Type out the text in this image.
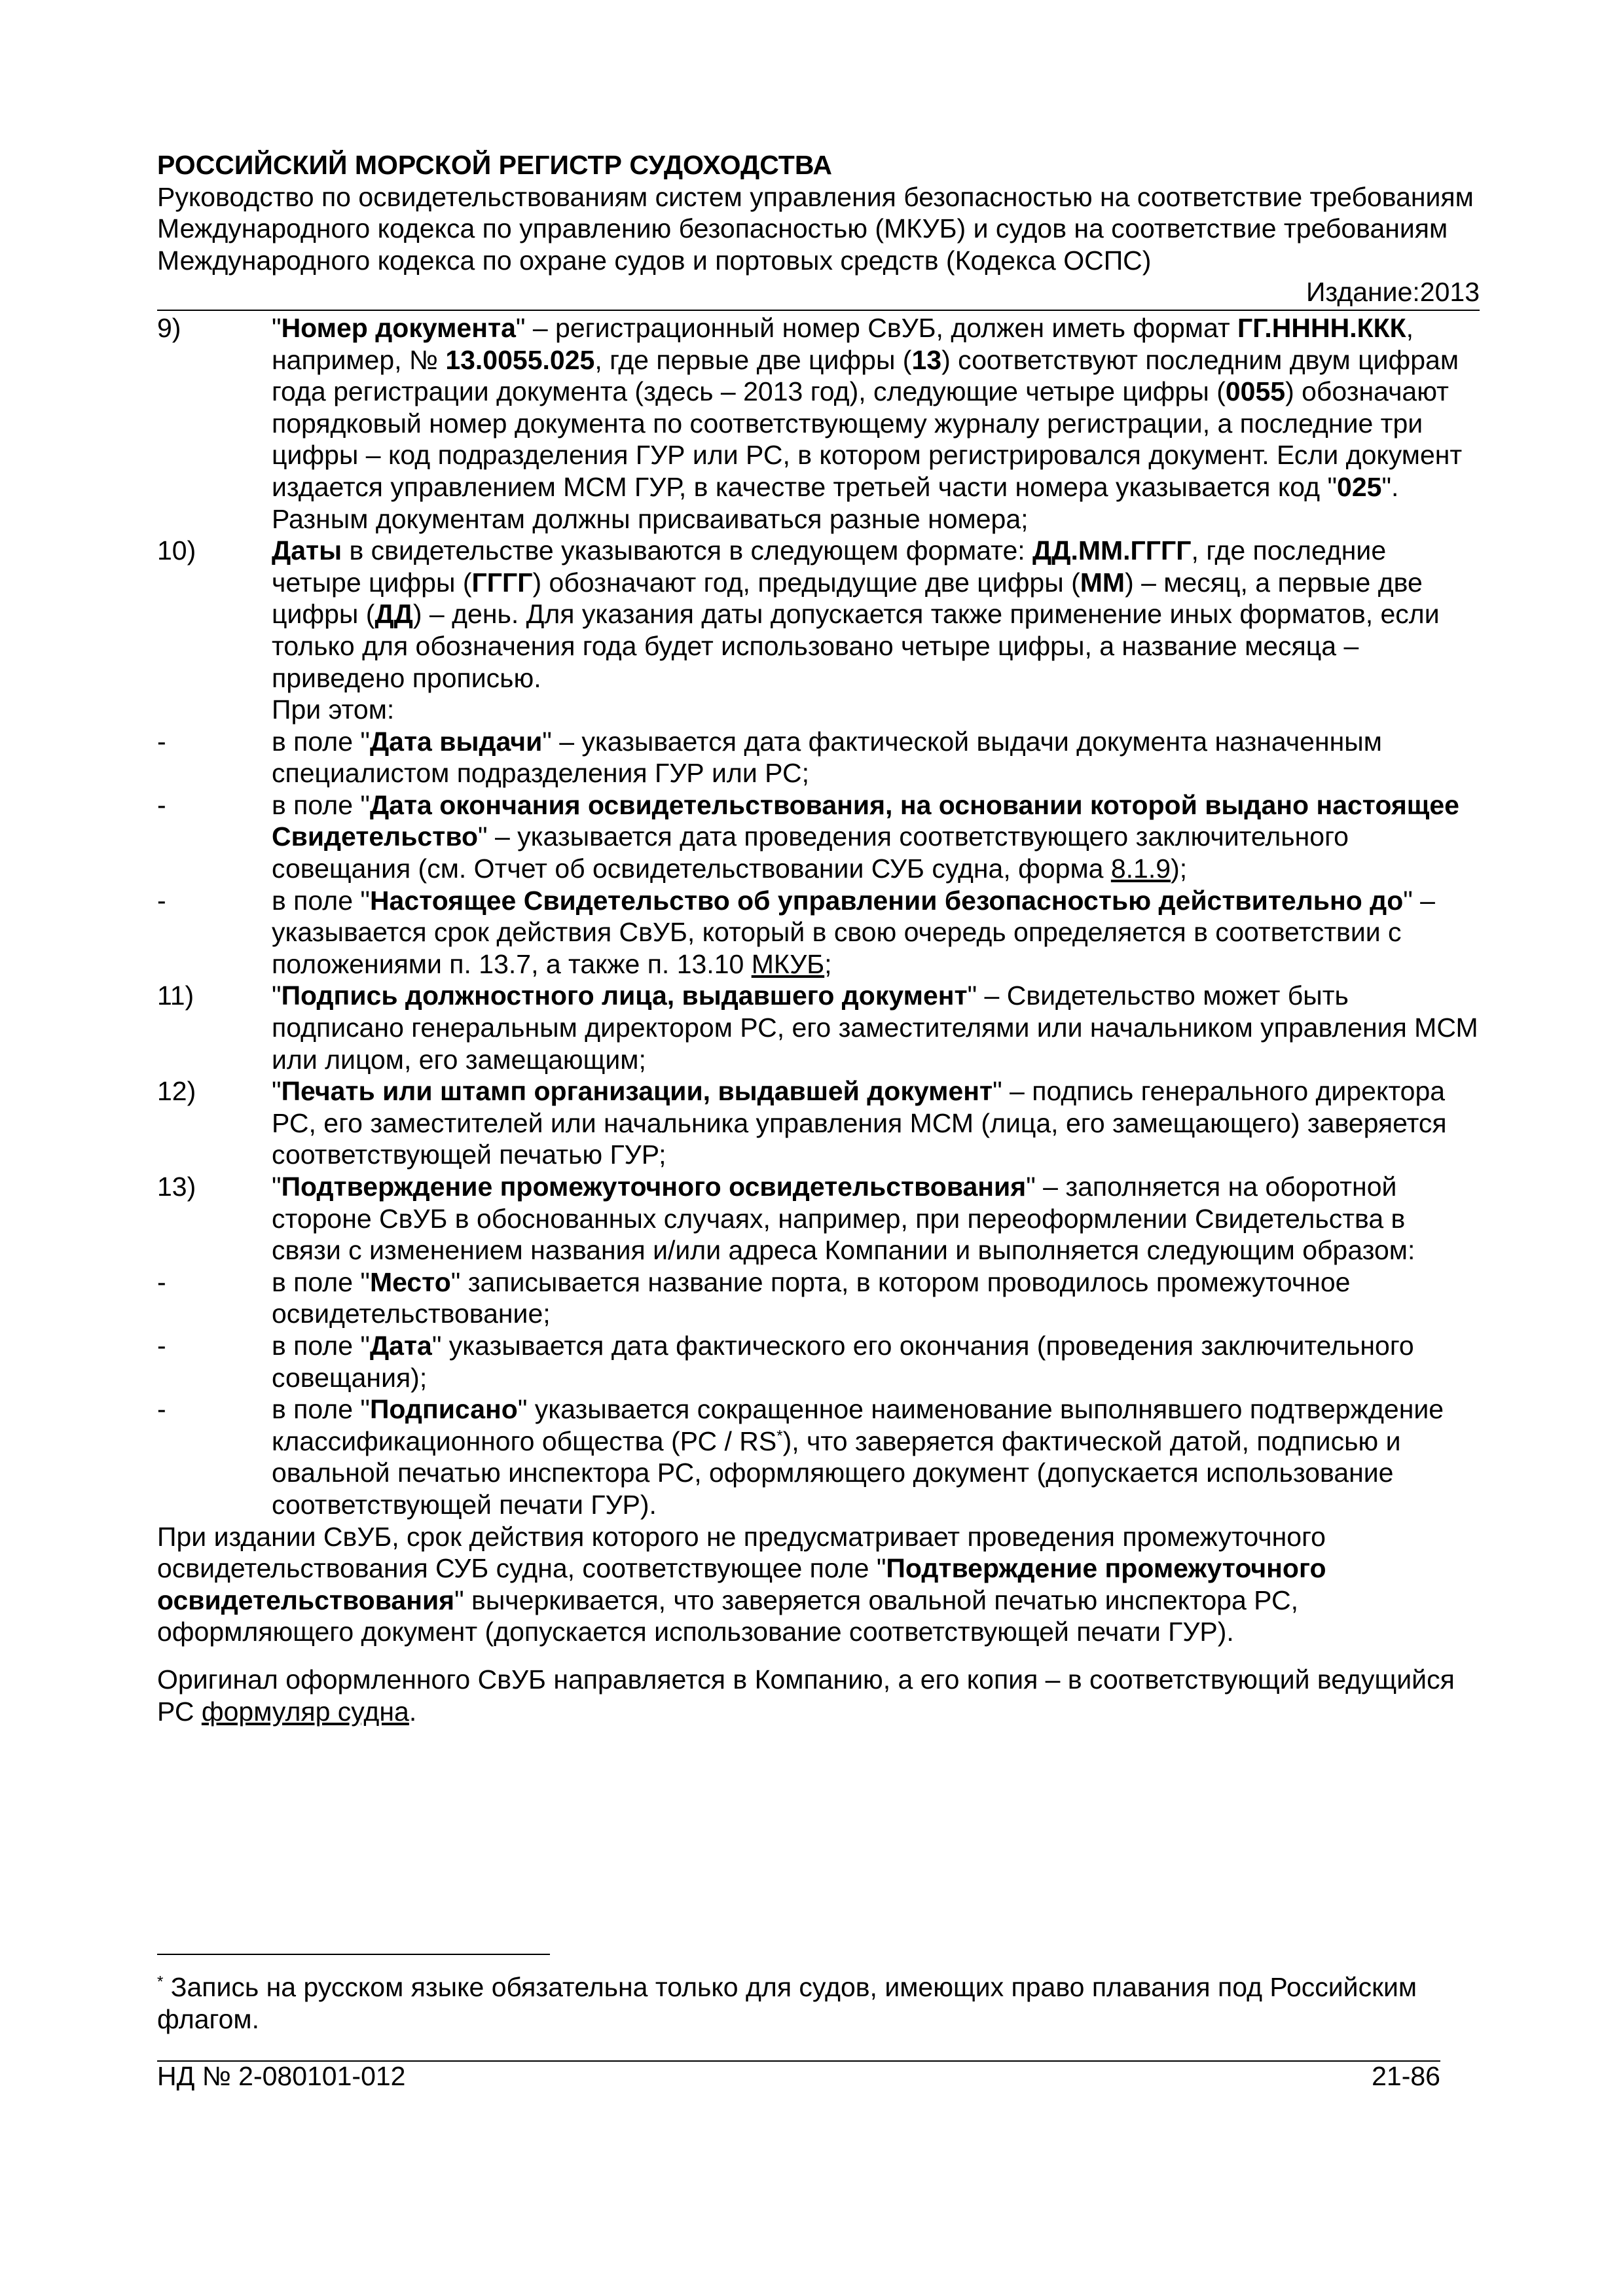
РОССИЙСКИЙ МОРСКОЙ РЕГИСТР СУДОХОДСТВА
Руководство по освидетельствованиям систем управления безопасностью на соответствие требованиям Международного кодекса по управлению безопасностью (МКУБ) и судов на соответствие требованиям Международного кодекса по охране судов и портовых средств (Кодекса ОСПС)
Издание:2013
9)	"Номер документа" – регистрационный номер СвУБ, должен иметь формат ГГ.НННН.ККК, например, № 13.0055.025, где первые две цифры (13) соответствуют последним двум цифрам года регистрации документа (здесь – 2013 год), следующие четыре цифры (0055) обозначают порядковый номер документа по соответствующему журналу регистрации, а последние три цифры – код подразделения ГУР или РС, в котором регистрировался документ. Если документ издается управлением МСМ ГУР, в качестве третьей части номера указывается код "025". Разным документам должны присваиваться разные номера;
10)	Даты в свидетельстве указываются в следующем формате: ДД.ММ.ГГГГ, где последние четыре цифры (ГГГГ) обозначают год, предыдущие две цифры (ММ) – месяц, а первые две цифры (ДД) – день. Для указания даты допускается также применение иных форматов, если только для обозначения года будет использовано четыре цифры, а название месяца – приведено прописью.
При этом:
-	в поле "Дата выдачи" – указывается дата фактической выдачи документа назначенным специалистом подразделения ГУР или РС;
-	в поле "Дата окончания освидетельствования, на основании которой выдано настоящее Свидетельство" – указывается дата проведения соответствующего заключительного совещания (см. Отчет об освидетельствовании СУБ судна, форма 8.1.9);
-	в поле "Настоящее Свидетельство об управлении безопасностью действительно до" – указывается срок действия СвУБ, который в свою очередь определяется в соответствии с положениями п. 13.7, а также п. 13.10 МКУБ;
11)	"Подпись должностного лица, выдавшего документ" – Свидетельство может быть подписано генеральным директором РС, его заместителями или начальником управления МСМ или лицом, его замещающим;
12)	"Печать или штамп организации, выдавшей документ" – подпись генерального директора РС, его заместителей или начальника управления МСМ (лица, его замещающего) заверяется соответствующей печатью ГУР;
13)	"Подтверждение промежуточного освидетельствования" – заполняется на оборотной стороне СвУБ в обоснованных случаях, например, при переоформлении Свидетельства в связи с изменением названия и/или адреса Компании и выполняется следующим образом:
-	в поле "Место" записывается название порта, в котором проводилось промежуточное освидетельствование;
-	в поле "Дата" указывается дата фактического его окончания (проведения заключительного совещания);
-	в поле "Подписано" указывается сокращенное наименование выполнявшего подтверждение классификационного общества (РС / RS*), что заверяется фактической датой, подписью и овальной печатью инспектора РС, оформляющего документ (допускается использование соответствующей печати ГУР).
При издании СвУБ, срок действия которого не предусматривает проведения промежуточного освидетельствования СУБ судна, соответствующее поле "Подтверждение промежуточного освидетельствования" вычеркивается, что заверяется овальной печатью инспектора РС, оформляющего документ (допускается использование соответствующей печати ГУР).
Оригинал оформленного СвУБ направляется в Компанию, а его копия – в соответствующий ведущийся РС формуляр судна.
* Запись на русском языке обязательна только для судов, имеющих право плавания под Российским флагом.
НД № 2-080101-012	21-86
